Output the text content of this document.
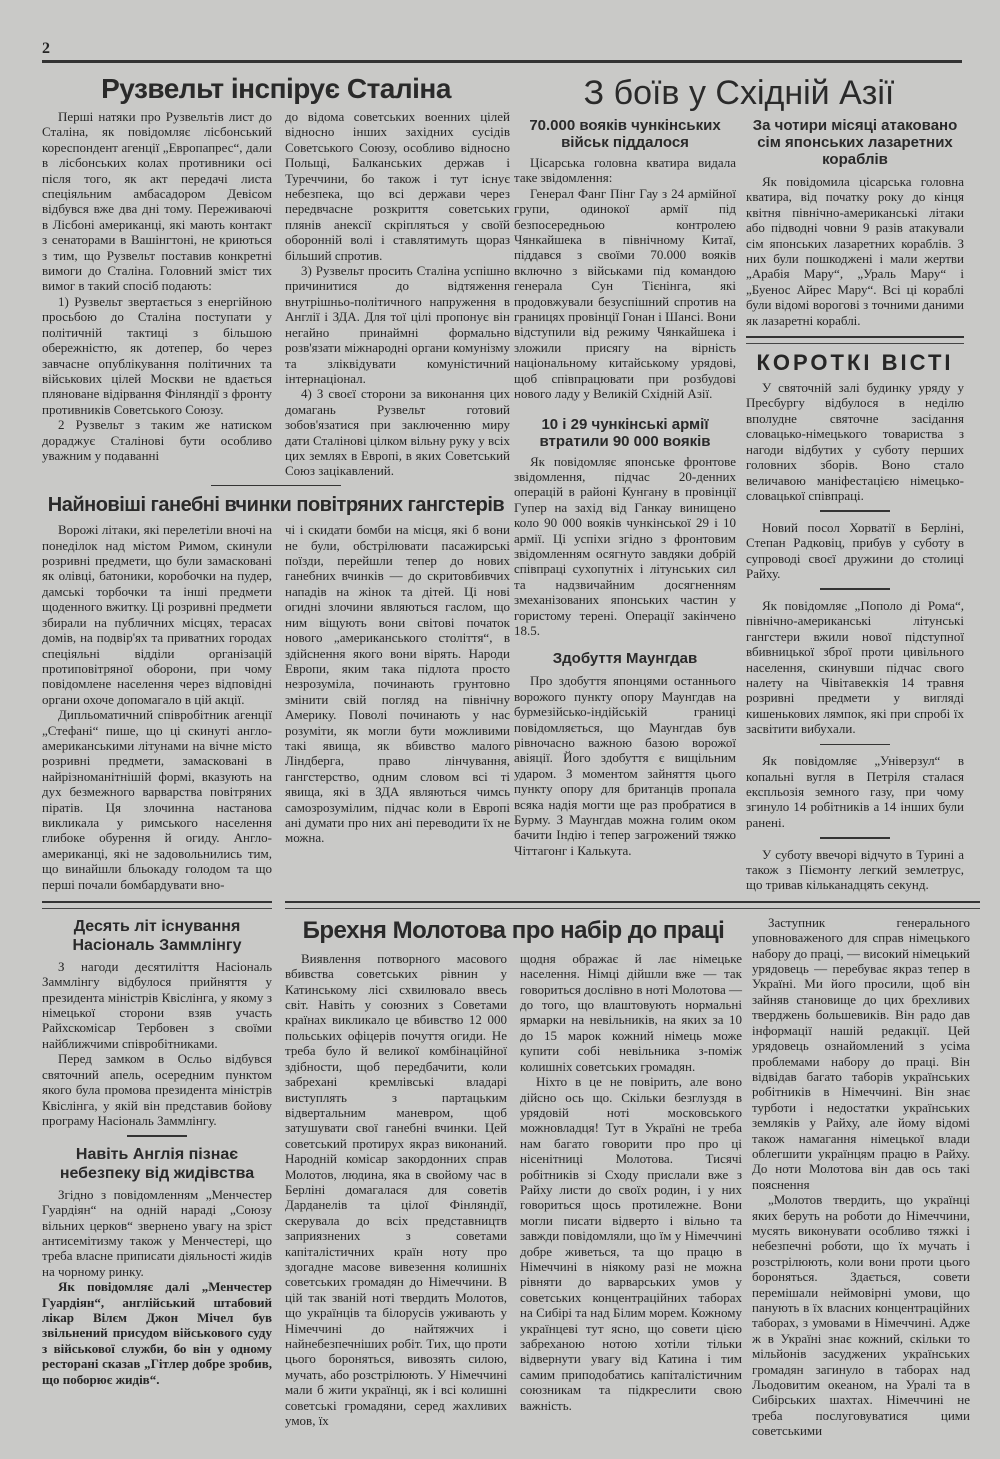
2
Рузвельт інспірує Сталіна

Перші натяки про Рузвельтів лист до Сталіна, як повідомляє лісбонський кореспондент агенції „Европапрес“, дали в лісбонських колах противники осі після того, як акт передачі листа спеціяльним амбасадором Девісом відбувся вже два дні тому. Переживаючі в Лісбоні американці, які мають контакт з сенаторами в Вашінгтоні, не криються з тим, що Рузвельт поставив конкретні вимоги до Сталіна. Головний зміст тих вимог в такий спосіб подають:

1) Рузвельт звертається з енергійною просьбою до Сталіна поступати у політичній тактиці з більшою обережністю, як дотепер, бо через завчасне опублікування політичних та військових цілей Москви не вдається пляноване відірвання Фінляндії з фронту противників Советського Союзу.

2 Рузвельт з таким же натиском дораджує Сталінові бути особливо уважним у подаванні

до відома советських военних цілей відносно інших західних сусідів Советського Союзу, особливо відносно Польщі, Балканських держав і Туреччини, бо також і тут існує небезпека, що всі держави через передвчасне розкриття советських плянів анексії скріпляться у своїй оборонній волі і ставлятимуть щораз більший спротив.

3) Рузвельт просить Сталіна успішно причинитися до відтяження внутрішньо-політичного напруження в Англії і ЗДА. Для тої цілі пропонує він негайно принаймні формально розв'язати міжнародні органи комунізму та зліквідувати комуністичний інтернаціонал.

4) З своєї сторони за виконання цих домагань Рузвельт готовий зобов'язатися при заключенню миру дати Сталінові цілком вільну руку у всіх цих землях в Европі, в яких Советський Союз зацікавлений.

Найновіші ганебні вчинки повітряних гангстерів

Ворожі літаки, які перелетіли вночі на понеділок над містом Римом, скинули розривні предмети, що були замасковані як олівці, батоники, коробочки на пудер, дамські торбочки та інші предмети щоденного вжитку. Ці розривні предмети збирали на публичних місцях, терасах домів, на подвір'ях та приватних городах спеціяльні відділи організацій протиповітряної оборони, при чому повідомлене населення через відповідні органи охоче допомагало в цій акції.

Дипльоматичний співробітник агенції „Стефані“ пише, що ці скинуті англо-американськими літунами на вічне місто розривні предмети, замасковані в найрізноманітнішій формі, вказують на дух безмежного варварства повітряних піратів. Ця злочинна настанова викликала у римського населення глибоке обурення й огиду. Англо-американці, які не задовольнились тим, що винайшли бльокаду голодом та що перші почали бомбардувати вно-

чі і скидати бомби на місця, які б вони не були, обстрілювати пасажирські поїзди, перейшли тепер до нових ганебних вчинків — до скритовбивчих нападів на жінок та дітей. Ці нові огидні злочини являються гаслом, що ним віщують вони світові початок нового „американського століття“, в здійснення якого вони вірять. Народи Европи, яким така підлота просто незрозуміла, починають грунтовно змінити свій погляд на північну Америку. Поволі починають у нас розуміти, як могли бути можливими такі явища, як вбивство малого Ліндберга, право лінчування, гангстерство, одним словом всі ті явища, які в ЗДА являються чимсь самозрозумілим, підчас коли в Европі ані думати про них ані переводити їх не можна.

З боїв у Східній Азії
70.000 вояків чункінських військ піддалося

Цісарська головна кватира видала таке звідомлення:

Генерал Фанг Пінг Гау з 24 армійної групи, одинокої армії під безпосередньою контролею Чянкайшека в північному Китаї, піддався з своїми 70.000 вояків включно з військами під командою генерала Сун Тієнінга, які продовжували безуспішний спротив на границях провінції Гонан і Шансі. Вони відступили від режиму Чянкайшека і зложили присягу на вірність національному китайському урядові, щоб співпрацювати при розбудові нового ладу у Великій Східній Азії.

10 і 29 чункінські армії втратили 90 000 вояків

Як повідомляє японське фронтове звідомлення, підчас 20-денних операцій в районі Кунгану в провінції Гупер на захід від Ганкау винищено коло 90 000 вояків чункінської 29 і 10 армії. Ці успіхи згідно з фронтовим звідомленням осягнуто завдяки добрій співпраці сухопутніх і літунських сил та надзвичайним досягненням змеханізованих японських частин у гористому терені. Операції закінчено 18.5.

Здобуття Маунгдав

Про здобуття японцями останнього ворожого пункту опору Маунгдав на бурмезійсько-індійській границі повідомляється, що Маунгдав був рівночасно важною базою ворожої авіяції. Його здобуття є вищільним ударом. З моментом зайняття цього пункту опору для британців пропала всяка надія могти ще раз пробратися в Бурму. З Маунгдав можна голим оком бачити Індію і тепер загрожений тяжко Чіттагонг і Калькута.

За чотири місяці атаковано сім японських лазаретних кораблів

Як повідомила цісарська головна кватира, від початку року до кінця квітня північно-американські літаки або підводні човни 9 разів атакували сім японських лазаретних кораблів. З них були пошкоджені і мали жертви „Арабія Мару“, „Ураль Мару“ і „Буенос Айрес Мару“. Всі ці кораблі були відомі ворогові з точними даними як лазаретні кораблі.

КОРОТКІ ВІСТІ

У святочній залі будинку уряду у Пресбургу відбулося в неділю вполудне святочне засідання словацько-німецького товариства з нагоди відбутих у суботу перших головних зборів. Воно стало величавою маніфестацією німецько-словацької співпраці.

Новий посол Хорватії в Берліні, Степан Радковіц, прибув у суботу в супроводі своєї дружини до столиці Райху.

Як повідомляє „Пополо ді Рома“, північно-американські літунські гангстери вжили нової підступної вбивницької зброї проти цивільного населення, скинувши підчас свого налету на Чівітавеккія 14 травня розривні предмети у вигляді кишенькових лямпок, які при спробі їх засвітити вибухали.

Як повідомляє „Універзул“ в копальні вугля в Петріля сталася експльозія земного газу, при чому згинуло 14 робітників а 14 інших були ранені.

У суботу ввечорі відчуто в Турині а також з Піємонту легкий землетрус, що тривав кільканадцять секунд.

Десять літ існування Насіональ Заммлінгу

З нагоди десятиліття Насіональ Заммлінгу відбулося прийняття у президента міністрів Квіслінга, у якому з німецької сторони взяв участь Райхскомісар Тербовен з своїми найближчими співробітниками.

Перед замком в Осльо відбувся святочний апель, осередним пунктом якого була промова президента міністрів Квіслінга, у якій він представив бойову програму Насіональ Заммлінгу.

Навіть Англія пізнає небезпеку від жидівства

Згідно з повідомленням „Менчестер Гуардіян“ на одній нараді „Союзу вільних церков“ звернено увагу на зріст антисемітизму також у Менчестері, що треба власне приписати діяльності жидів на чорному ринку.

Як повідомляє далі „Менчестер Гуардіян“, англійський штабовий лікар Вілєм Джон Мічел був звільнений присудом військового суду з військової служби, бо він у одному ресторані сказав „Гітлер добре зробив, що поборює жидів“.

Брехня Молотова про набір до праці

Виявлення потворного масового вбивства советських рівнин у Катинському лісі схвилювало ввесь світ. Навіть у союзних з Советами країнах викликало це вбивство 12 000 польських офіцерів почуття огиди. Не треба було й великої комбінаційної здібности, щоб передбачити, коли забрехані кремлівські владарі виступлять з партацьким відвертальним маневром, щоб затушувати свої ганебні вчинки. Цей советський протирух якраз виконаний. Народній комісар закордонних справ Молотов, людина, яка в свойому час в Берліні домагалася для советів Дарданелів та цілої Фінляндії, скерувала до всіх представництв заприязнених з советами капіталістичних країн ноту про здогадне масове вивезення колишніх советських громадян до Німеччини. В цій так званій ноті твердить Молотов, що українців та білорусів уживають у Німеччині до найтяжчих і найнебезпечніших робіт. Тих, що проти цього бороняться, вивозять силою, мучать, або розстрілюють. У Німеччині мали б жити українці, як і всі колишні советські громадяни, серед жахливих умов, їх

щодня ображає й лає німецьке населення. Німці дійшли вже — так говориться дослівно в ноті Молотова — до того, що влаштовують нормальні ярмарки на невільників, на яких за 10 до 15 марок кожний німець може купити собі невільника з-поміж колишніх советських громадян.

Ніхто в це не повірить, але воно дійсно ось що. Скільки безглуздя в урядовій ноті московського можновладця! Тут в Україні не треба нам багато говорити про про ці нісенітниці Молотова. Тисячі робітників зі Сходу прислали вже з Райху листи до своїх родин, і у них говориться щось протилежне. Вони могли писати відверто і вільно та завжди повідомляли, що їм у Німеччині добре живеться, та що працю в Німеччині в ніякому разі не можна рівняти до варварських умов у советських концентраційних таборах на Сибірі та над Білим морем. Кожному українцеві тут ясно, що совети цією забреханою нотою хотіли тільки відвернути увагу від Катина і тим самим приподобатись капіталістичним союзникам та підкреслити свою важність.

Заступник генерального уповноваженого для справ німецького набору до праці, — високий німецький урядовець — перебуває якраз тепер в Україні. Ми його просили, щоб він зайняв становище до цих брехливих тверджень большевиків. Він радо дав інформації нашій редакції. Цей урядовець ознайомлений з усіма проблемами набору до праці. Він відвідав багато таборів українських робітників в Німеччині. Він знає турботи і недостатки українських земляків у Райху, але йому відомі також намагання німецької влади облегшити українцям працю в Райху. До ноти Молотова він дав ось такі пояснення

„Молотов твердить, що українці яких беруть на роботи до Німеччини, мусять виконувати особливо тяжкі і небезпечні роботи, що їх мучать і розстрілюють, коли вони проти цього бороняться. Здається, совети перемішали неймовірні умови, що панують в їх власних концентраційних таборах, з умовами в Німеччині. Адже ж в Україні знає кожний, скільки то мільйонів засуджених українських громадян загинуло в таборах над Льодовитим океаном, на Уралі та в Сибірських шахтах. Німеччині не треба послуговуватися цими советськими
